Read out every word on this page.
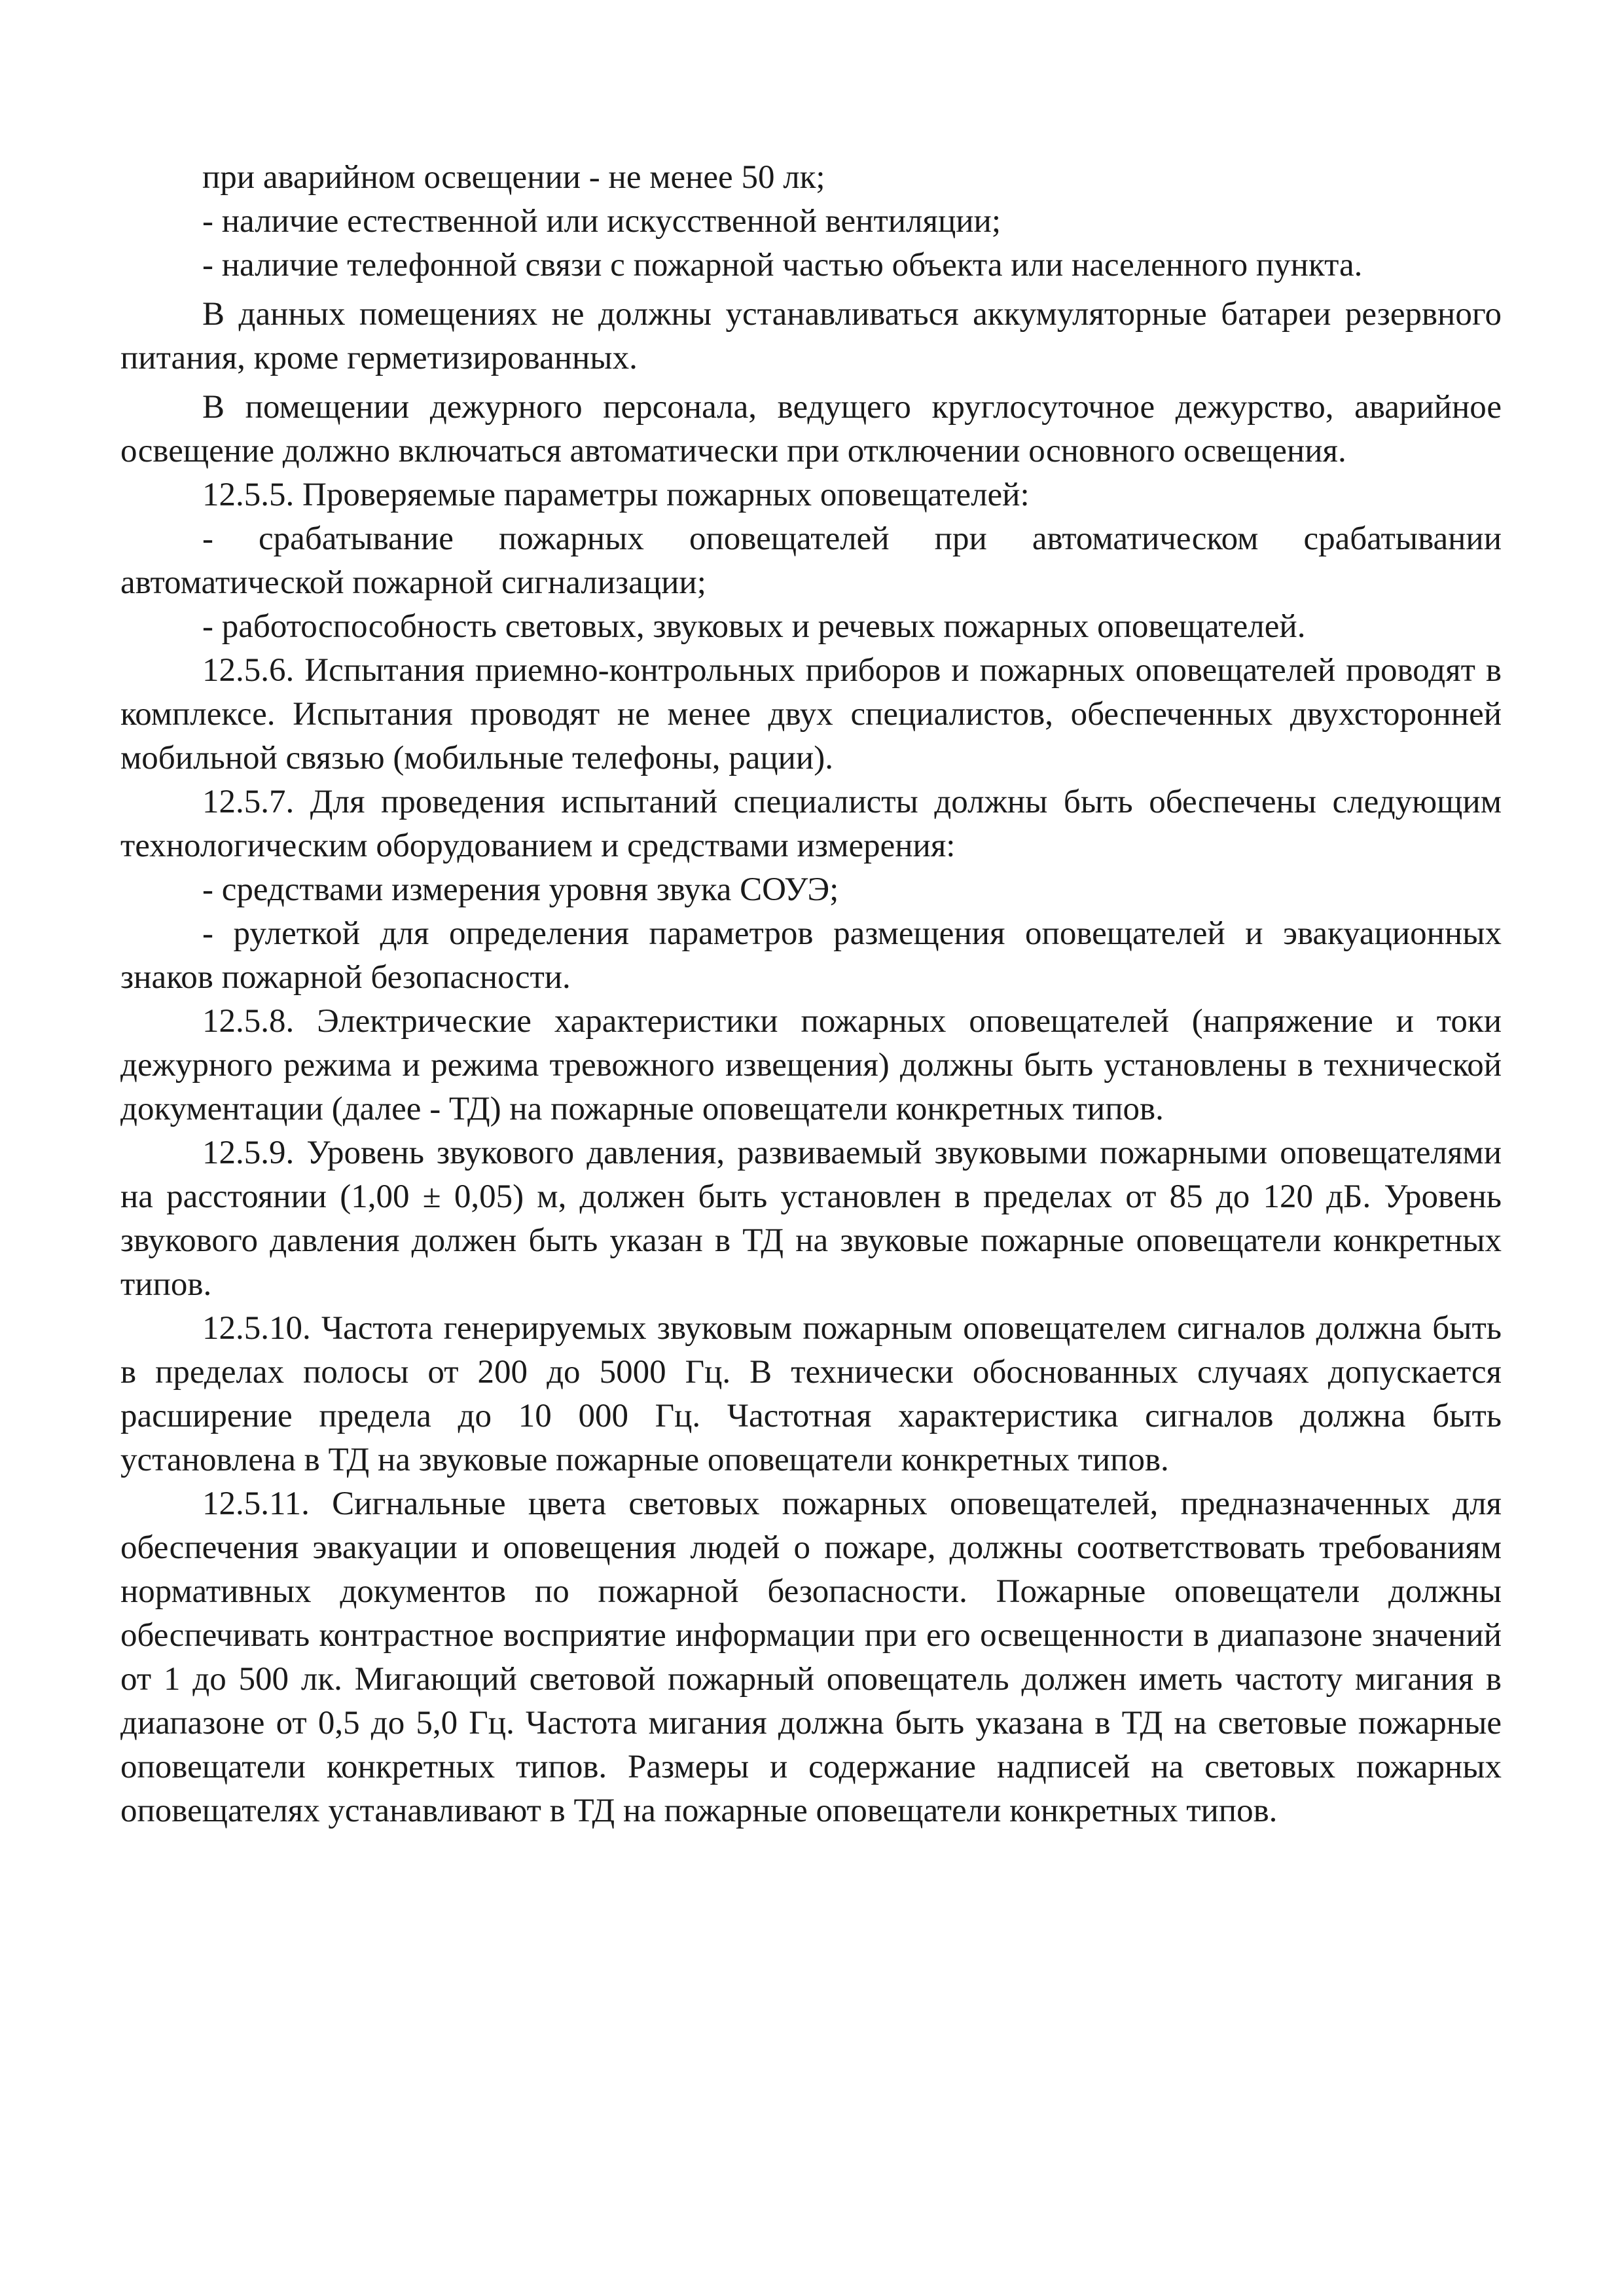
при аварийном освещении - не менее 50 лк;

- наличие естественной или искусственной вентиляции;

- наличие телефонной связи с пожарной частью объекта или населенного пункта.

В данных помещениях не должны устанавливаться аккумуляторные батареи резервного питания, кроме герметизированных.

В помещении дежурного персонала, ведущего круглосуточное дежурство, аварийное освещение должно включаться автоматически при отключении основного освещения.

12.5.5. Проверяемые параметры пожарных оповещателей:

- срабатывание пожарных оповещателей при автоматическом срабатывании автоматической пожарной сигнализации;

- работоспособность световых, звуковых и речевых пожарных оповещателей.

12.5.6. Испытания приемно-контрольных приборов и пожарных оповещателей проводят в комплексе. Испытания проводят не менее двух специалистов, обеспеченных двухсторонней мобильной связью (мобильные телефоны, рации).

12.5.7. Для проведения испытаний специалисты должны быть обеспечены следующим технологическим оборудованием и средствами измерения:

- средствами измерения уровня звука СОУЭ;

- рулеткой для определения параметров размещения оповещателей и эвакуационных знаков пожарной безопасности.

12.5.8. Электрические характеристики пожарных оповещателей (напряжение и токи дежурного режима и режима тревожного извещения) должны быть установлены в технической документации (далее - ТД) на пожарные оповещатели конкретных типов.

12.5.9. Уровень звукового давления, развиваемый звуковыми пожарными оповещателями на расстоянии (1,00 ± 0,05) м, должен быть установлен в пределах от 85 до 120 дБ. Уровень звукового давления должен быть указан в ТД на звуковые пожарные оповещатели конкретных типов.

12.5.10. Частота генерируемых звуковым пожарным оповещателем сигналов должна быть в пределах полосы от 200 до 5000 Гц. В технически обоснованных случаях допускается расширение предела до 10 000 Гц. Частотная характеристика сигналов должна быть установлена в ТД на звуковые пожарные оповещатели конкретных типов.

12.5.11. Сигнальные цвета световых пожарных оповещателей, предназначенных для обеспечения эвакуации и оповещения людей о пожаре, должны соответствовать требованиям нормативных документов по пожарной безопасности. Пожарные оповещатели должны обеспечивать контрастное восприятие информации при его освещенности в диапазоне значений от 1 до 500 лк. Мигающий световой пожарный оповещатель должен иметь частоту мигания в диапазоне от 0,5 до 5,0 Гц. Частота мигания должна быть указана в ТД на световые пожарные оповещатели конкретных типов. Размеры и содержание надписей на световых пожарных оповещателях устанавливают в ТД на пожарные оповещатели конкретных типов.
